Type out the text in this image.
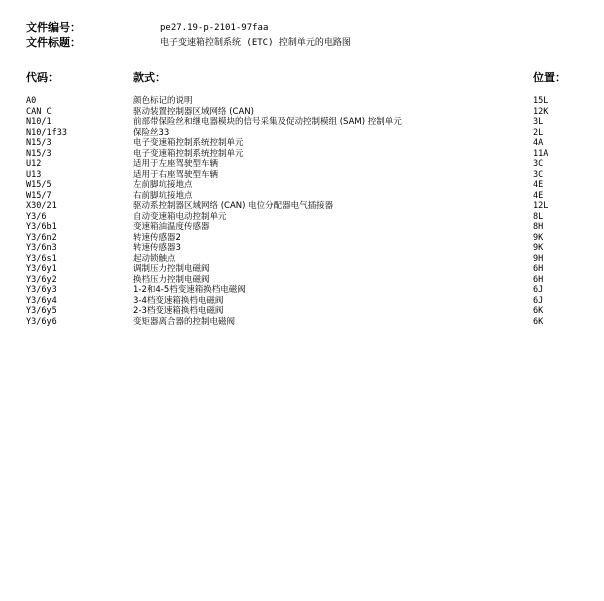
文件编号：	pe27.19-p-2101-97faa
文件标题：	电子变速箱控制系统 (ETC) 控制单元的电路图
代码：	款式：	位置：
A0	颜色标记的说明	15L
CAN C	驱动装置控制器区域网络 (CAN)	12K
N10/1	前部带保险丝和继电器模块的信号采集及促动控制模组 (SAM) 控制单元	3L
N10/1f33	保险丝33	2L
N15/3	电子变速箱控制系统控制单元	4A
N15/3	电子变速箱控制系统控制单元	11A
U12	适用于左座驾驶型车辆	3C
U13	适用于右座驾驶型车辆	3C
W15/5	左前脚坑接地点	4E
W15/7	右前脚坑接地点	4E
X30/21	驱动系控制器区域网络 (CAN) 电位分配器电气插接器	12L
Y3/6	自动变速箱电动控制单元	8L
Y3/6b1	变速箱油温度传感器	8H
Y3/6n2	转速传感器2	9K
Y3/6n3	转速传感器3	9K
Y3/6s1	起动锁触点	9H
Y3/6y1	调制压力控制电磁阀	6H
Y3/6y2	换档压力控制电磁阀	6H
Y3/6y3	1-2和4-5档变速箱换档电磁阀	6J
Y3/6y4	3-4档变速箱换档电磁阀	6J
Y3/6y5	2-3档变速箱换档电磁阀	6K
Y3/6y6	变矩器离合器的控制电磁阀	6K
